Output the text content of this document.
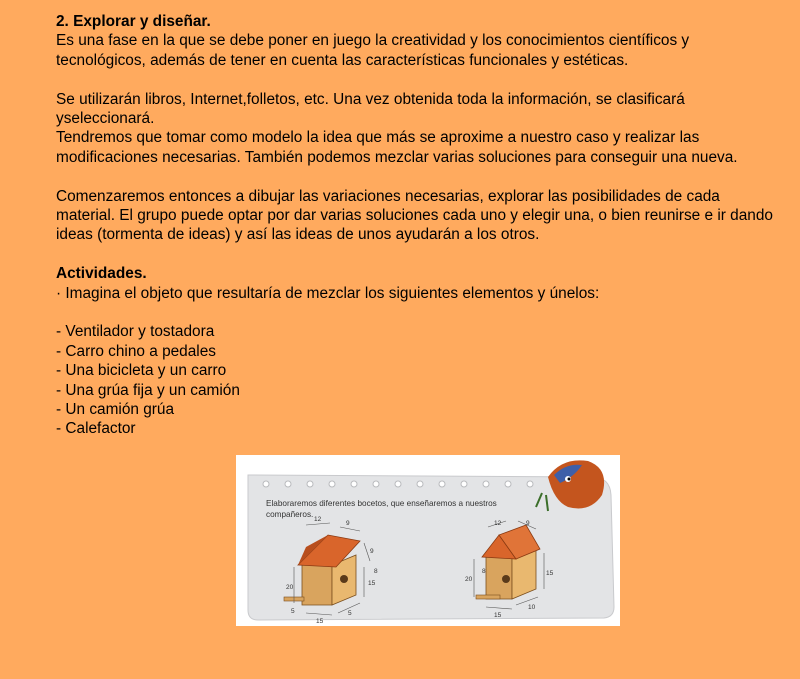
2. Explorar y diseñar.

Es una fase en la que se debe poner en juego la creatividad y los conocimientos científicos y tecnológicos, además de tener en cuenta las características funcionales y estéticas.

Se utilizarán libros, Internet,folletos, etc. Una vez obtenida toda la información, se clasificará yseleccionará.

Tendremos que tomar como modelo la idea que más se aproxime a nuestro caso y realizar las modificaciones necesarias. También podemos mezclar varias soluciones para conseguir una nueva.

Comenzaremos entonces a dibujar las variaciones necesarias, explorar las posibilidades de cada material. El grupo puede optar por dar varias soluciones cada uno y elegir una, o bien reunirse e ir dando ideas (tormenta de ideas) y así las ideas de unos ayudarán a los otros.

Actividades.

· Imagina el objeto que resultaría de mezclar los siguientes elementos y únelos:

- Ventilador y tostadora

- Carro chino a pedales

- Una bicicleta y un carro

- Una grúa fija y un camión

- Un camión grúa

- Calefactor

Elaboraremos diferentes bocetos, que enseñaremos a nuestros
compañeros.
12
9
9
20
15
5
8
15
5
12	9
20
8	15
10
15
